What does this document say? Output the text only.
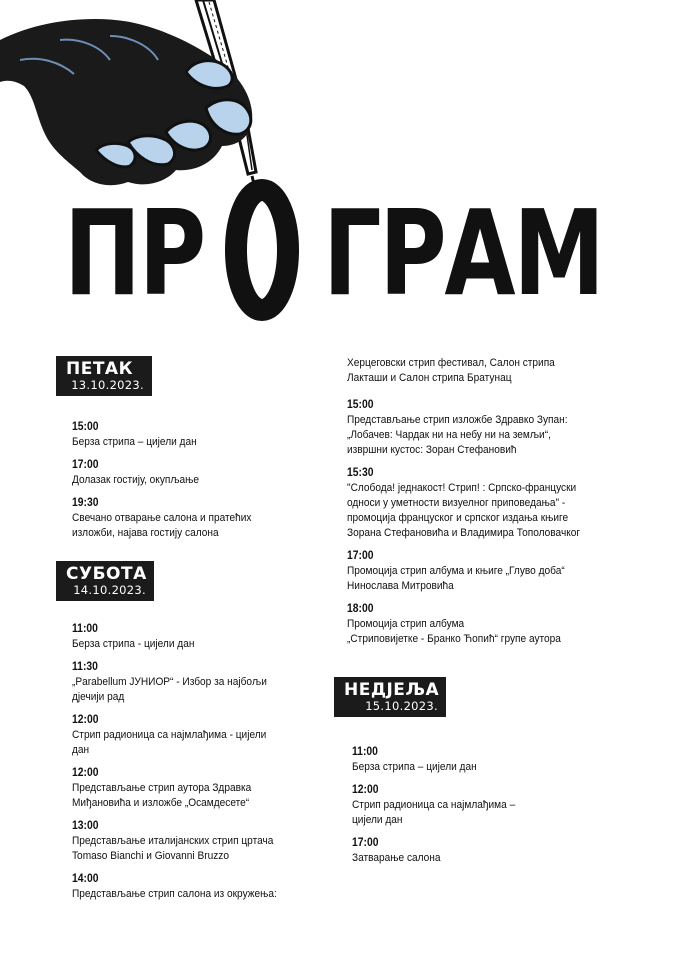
ПР ГРАМ
ПЕТАК
13.10.2023.
15:00
Берза стрипа – цијели дан
17:00
Долазак гостију, окупљање
19:30
Свечано отварање салона и пратећих
изложби, најава гостију салона
СУБОТА
14.10.2023.
11:00
Берза стрипа - цијели дан
11:30
„Parabellum ЈУНИОР“ - Избор за најбољи
дјечији рад
12:00
Стрип радионица са најмлађима - цијели
дан
12:00
Представљање стрип аутора Здравка
Миђановића и изложбе „Осамдесете“
13:00
Представљање италијанских стрип цртача
Tomaso Bianchi и Giovanni Bruzzo
14:00
Представљање стрип салона из окружења:
Херцеговски стрип фестивал, Салон стрипа
Лакташи и Салон стрипа Братунац
15:00
Представљање стрип изложбе Здравко Зупан:
„Лобачев: Чардак ни на небу ни на земљи“,
извршни кустос: Зоран Стефановић
15:30
"Слобода! једнакост! Стрип! : Српско-француски
односи у уметности визуелног приповедања" -
промоција француског и српског издања књиге
Зорана Стефановића и Владимира Тополовачког
17:00
Промоција стрип албума и књиге „Глуво доба“
Нинослава Митровића
18:00
Промоција стрип албума
„Стриповијетке - Бранко Ћопић“ групе аутора
НЕДЈЕЉА
15.10.2023.
11:00
Берза стрипа – цијели дан
12:00
Стрип радионица са најмлађима –
цијели дан
17:00
Затварање салона
